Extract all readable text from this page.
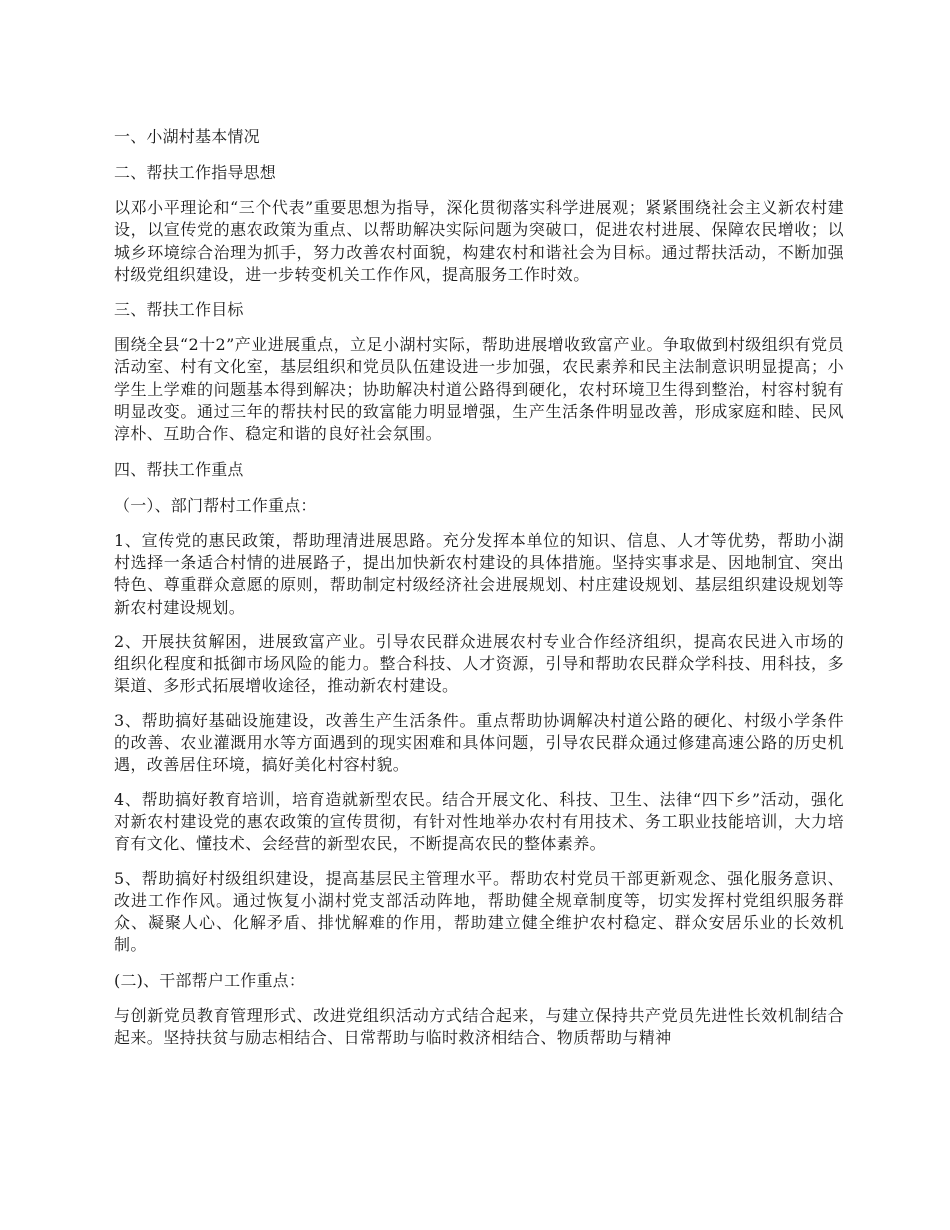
一、小湖村基本情况
二、帮扶工作指导思想
以邓小平理论和“三个代表”重要思想为指导，深化贯彻落实科学进展观；紧紧围绕社会主义新农村建设，以宣传党的惠农政策为重点、以帮助解决实际问题为突破口，促进农村进展、保障农民增收；以城乡环境综合治理为抓手，努力改善农村面貌，构建农村和谐社会为目标。通过帮扶活动，不断加强村级党组织建设，进一步转变机关工作作风，提高服务工作时效。
三、帮扶工作目标
围绕全县“2十2”产业进展重点，立足小湖村实际，帮助进展增收致富产业。争取做到村级组织有党员活动室、村有文化室，基层组织和党员队伍建设进一步加强，农民素养和民主法制意识明显提高；小学生上学难的问题基本得到解决；协助解决村道公路得到硬化，农村环境卫生得到整治，村容村貌有明显改变。通过三年的帮扶村民的致富能力明显增强，生产生活条件明显改善，形成家庭和睦、民风淳朴、互助合作、稳定和谐的良好社会氛围。
四、帮扶工作重点
（一）、部门帮村工作重点：
1、宣传党的惠民政策，帮助理清进展思路。充分发挥本单位的知识、信息、人才等优势，帮助小湖村选择一条适合村情的进展路子，提出加快新农村建设的具体措施。坚持实事求是、因地制宜、突出特色、尊重群众意愿的原则，帮助制定村级经济社会进展规划、村庄建设规划、基层组织建设规划等新农村建设规划。
2、开展扶贫解困，进展致富产业。引导农民群众进展农村专业合作经济组织，提高农民进入市场的组织化程度和抵御市场风险的能力。整合科技、人才资源，引导和帮助农民群众学科技、用科技，多渠道、多形式拓展增收途径，推动新农村建设。
3、帮助搞好基础设施建设，改善生产生活条件。重点帮助协调解决村道公路的硬化、村级小学条件的改善、农业灌溉用水等方面遇到的现实困难和具体问题，引导农民群众通过修建高速公路的历史机遇，改善居住环境，搞好美化村容村貌。
4、帮助搞好教育培训，培育造就新型农民。结合开展文化、科技、卫生、法律“四下乡”活动，强化对新农村建设党的惠农政策的宣传贯彻，有针对性地举办农村有用技术、务工职业技能培训，大力培育有文化、懂技术、会经营的新型农民，不断提高农民的整体素养。
5、帮助搞好村级组织建设，提高基层民主管理水平。帮助农村党员干部更新观念、强化服务意识、改进工作作风。通过恢复小湖村党支部活动阵地，帮助健全规章制度等，切实发挥村党组织服务群众、凝聚人心、化解矛盾、排忧解难的作用，帮助建立健全维护农村稳定、群众安居乐业的长效机制。
(二)、干部帮户工作重点：
与创新党员教育管理形式、改进党组织活动方式结合起来，与建立保持共产党员先进性长效机制结合起来。坚持扶贫与励志相结合、日常帮助与临时救济相结合、物质帮助与精神
